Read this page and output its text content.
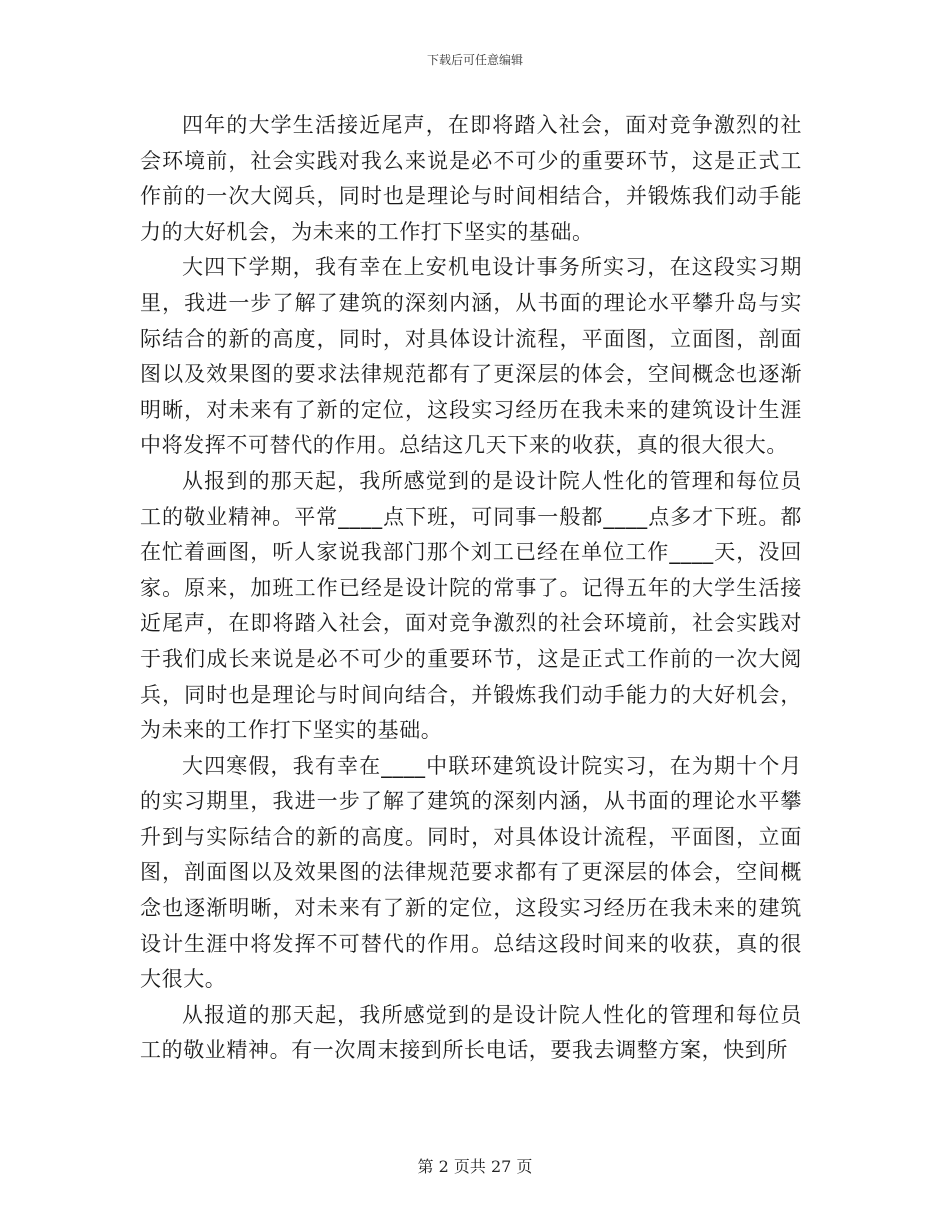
下载后可任意编辑

四年的大学生活接近尾声，在即将踏入社会，面对竞争激烈的社会环境前，社会实践对我么来说是必不可少的重要环节，这是正式工作前的一次大阅兵，同时也是理论与时间相结合，并锻炼我们动手能力的大好机会，为未来的工作打下坚实的基础。

大四下学期，我有幸在上安机电设计事务所实习，在这段实习期里，我进一步了解了建筑的深刻内涵，从书面的理论水平攀升岛与实际结合的新的高度，同时，对具体设计流程，平面图，立面图，剖面图以及效果图的要求法律规范都有了更深层的体会，空间概念也逐渐明晰，对未来有了新的定位，这段实习经历在我未来的建筑设计生涯中将发挥不可替代的作用。总结这几天下来的收获，真的很大很大。

从报到的那天起，我所感觉到的是设计院人性化的管理和每位员工的敬业精神。平常____点下班，可同事一般都____点多才下班。都在忙着画图，听人家说我部门那个刘工已经在单位工作____天，没回家。原来，加班工作已经是设计院的常事了。记得五年的大学生活接近尾声，在即将踏入社会，面对竞争激烈的社会环境前，社会实践对于我们成长来说是必不可少的重要环节，这是正式工作前的一次大阅兵，同时也是理论与时间向结合，并锻炼我们动手能力的大好机会，为未来的工作打下坚实的基础。

大四寒假，我有幸在____中联环建筑设计院实习，在为期十个月的实习期里，我进一步了解了建筑的深刻内涵，从书面的理论水平攀升到与实际结合的新的高度。同时，对具体设计流程，平面图，立面图，剖面图以及效果图的法律规范要求都有了更深层的体会，空间概念也逐渐明晰，对未来有了新的定位，这段实习经历在我未来的建筑设计生涯中将发挥不可替代的作用。总结这段时间来的收获，真的很大很大。

从报道的那天起，我所感觉到的是设计院人性化的管理和每位员工的敬业精神。有一次周末接到所长电话，要我去调整方案，快到所

第 2 页共 27 页
